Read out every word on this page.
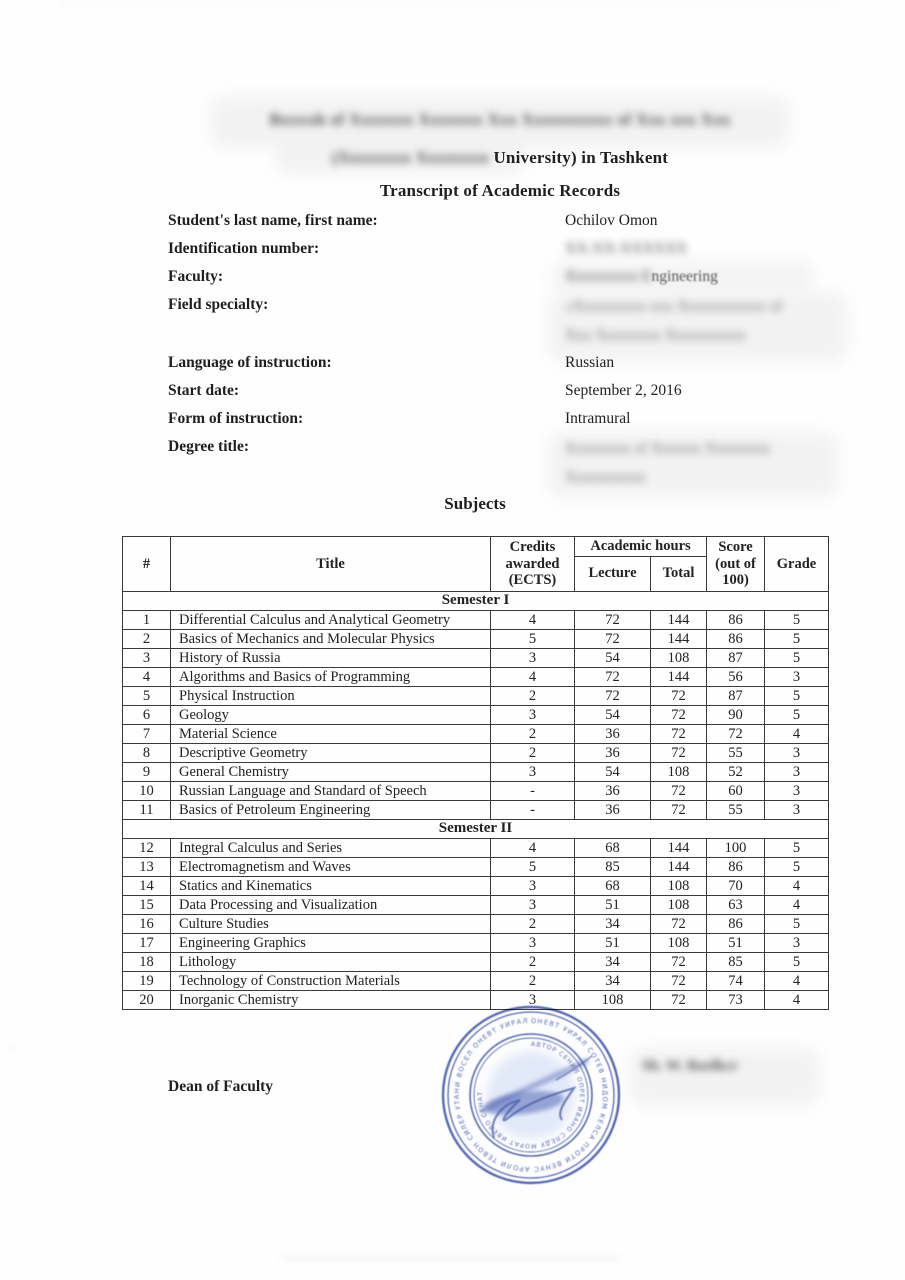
Bxxxxh xf Xxxxxxx Xxxxxxx Xxx Xxxxxxxxxx xf Xxx xxx Xxx
(Xxxxxxxx Xxxxxxxx University) in Tashkent
Transcript of Academic Records
Student's last name, first name:	Ochilov Omon
Identification number:	XX-XX-XXXXXX
Faculty:	Xxxxxxxxx Engineering
Field specialty:	«Xxxxxxxxx xxx Xxxxxxxxxxx xf
Xxx Xxxxxxxx Xxxxxxxxxx
Language of instruction:	Russian
Start date:	September 2, 2016
Form of instruction:	Intramural
Degree title:	Xxxxxxxx xf Xxxxxx Xxxxxxxx
Xxxxxxxxxx
Subjects
#	Title	Credits awarded (ECTS)	Academic hours		Score (out of 100)	Grade
			Lecture	Total		
Semester I						
1	Differential Calculus and Analytical Geometry	4	72	144	86	5
2	Basics of Mechanics and Molecular Physics	5	72	144	86	5
3	History of Russia	3	54	108	87	5
4	Algorithms and Basics of Programming	4	72	144	56	3
5	Physical Instruction	2	72	72	87	5
6	Geology	3	54	72	90	5
7	Material Science	2	36	72	72	4
8	Descriptive Geometry	2	36	72	55	3
9	General Chemistry	3	54	108	52	3
10	Russian Language and Standard of Speech	-	36	72	60	3
11	Basics of Petroleum Engineering	-	36	72	55	3
Semester II						
12	Integral Calculus and Series	4	68	144	100	5
13	Electromagnetism and Waves	5	85	144	86	5
14	Statics and Kinematics	3	68	108	70	4
15	Data Processing and Visualization	3	51	108	63	4
16	Culture Studies	2	34	72	86	5
17	Engineering Graphics	3	51	108	51	3
18	Lithology	2	34	72	85	5
19	Technology of Construction Materials	2	34	72	74	4
20	Inorganic Chemistry	3	108	72	73	4
Dean of Faculty
ОНЕВТ УИРАЛ СОТЕВ НИДОМ КЕЛСА ПРОТИ ВЕНУС АРОЛИ ТЕВОН СИЛЕР УТАНИ ВОСЕЛ ОНЕВТ УИРАЛ
АВТОР СЕНИЛ ОПРЕТ ИВАНО СЛЕДУ МОРАТ ИВЕЛО СЕНАТ
Sb. W. Baxlkcr
